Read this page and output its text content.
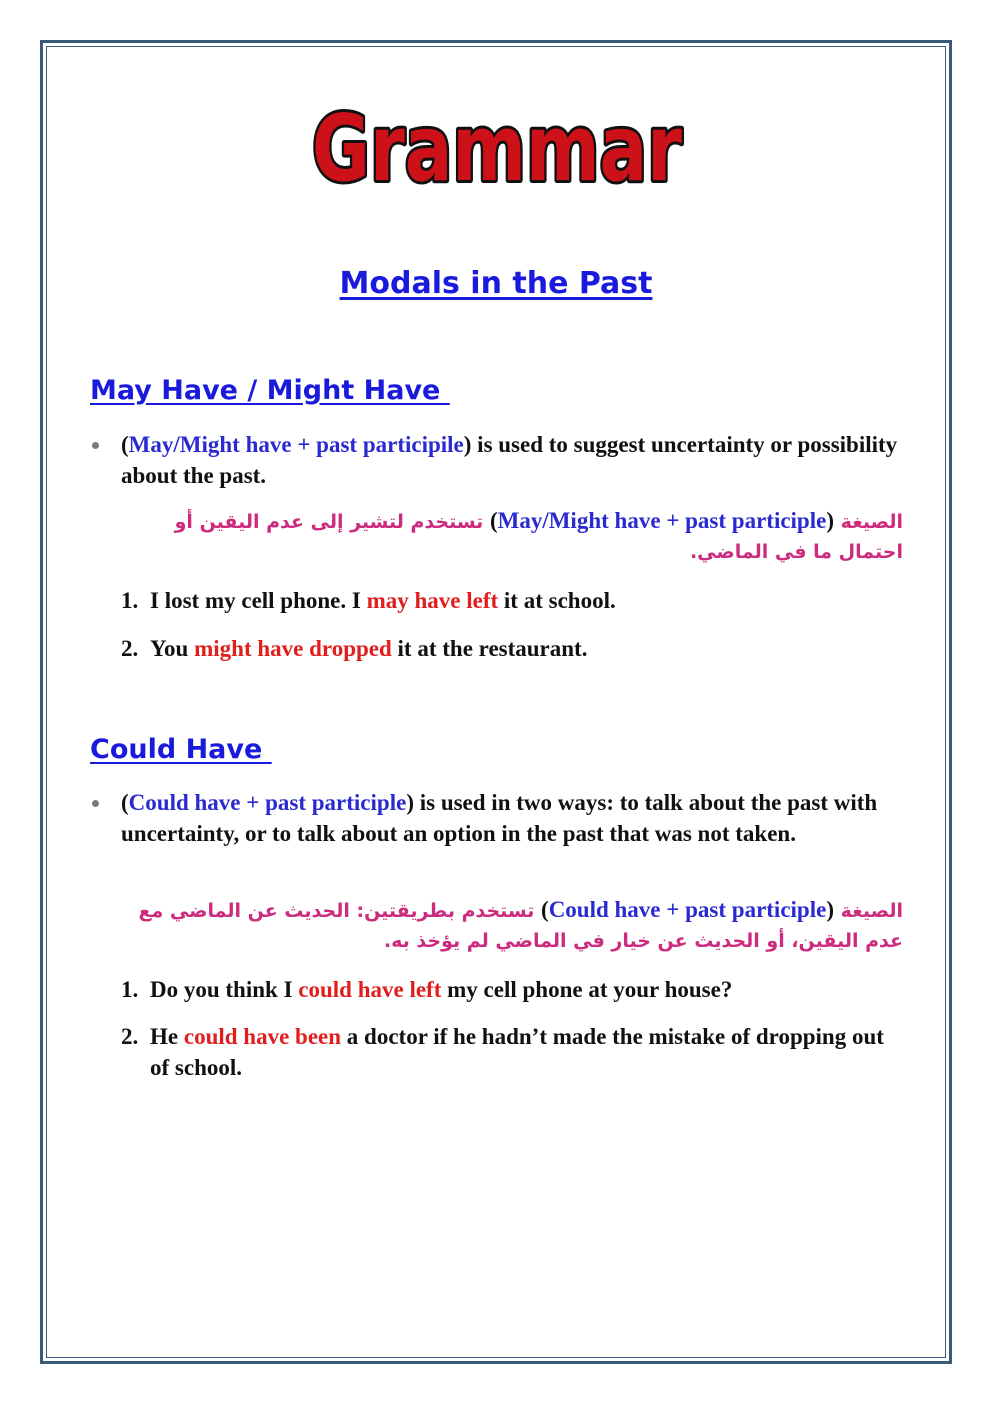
Grammar
Modals in the Past
May Have / Might Have
(May/Might have + past participile) is used to suggest uncertainty or possibility about the past.
الصيغة (May/Might have + past participle) تستخدم لتشير إلى عدم اليقين أو احتمال ما في الماضي.
1. I lost my cell phone. I may have left it at school.
2. You might have dropped it at the restaurant.
Could Have
(Could have + past participle) is used in two ways: to talk about the past with uncertainty, or to talk about an option in the past that was not taken.
الصيغة (Could have + past participle) تستخدم بطريقتين: الحديث عن الماضي مع عدم اليقين، أو الحديث عن خيار في الماضي لم يؤخذ به.
1. Do you think I could have left my cell phone at your house?
2. He could have been a doctor if he hadn’t made the mistake of dropping out of school.
